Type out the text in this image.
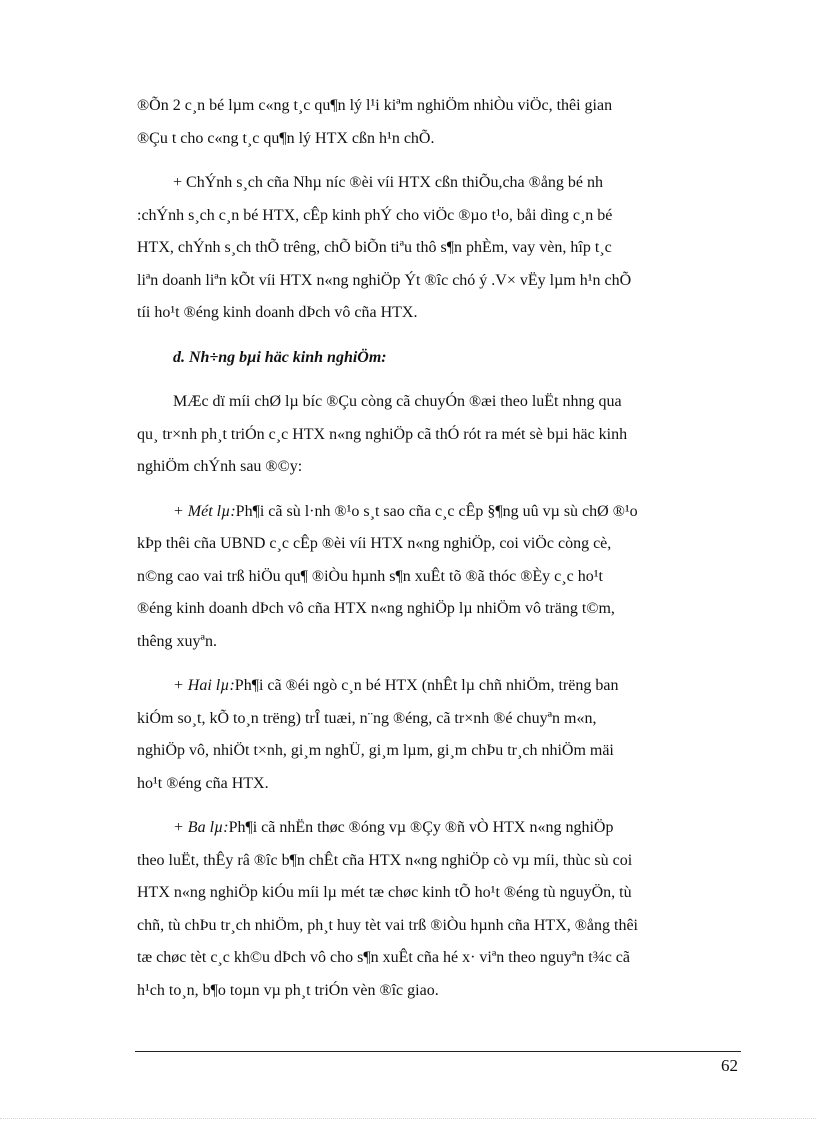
®Õn 2 c¸n bé lµm c«ng t¸c qu¶n lý l¹i kiªm nghiÖm nhiÒu viÖc, thêi gian
®Çu t cho c«ng t¸c qu¶n lý HTX cßn h¹n chÕ.

+ ChÝnh s¸ch cña Nhµ níc ®èi víi HTX cßn thiÕu,cha ®ång bé nh
:chÝnh s¸ch c¸n bé HTX, cÊp kinh phÝ cho viÖc ®µo t¹o, båi dìng c¸n bé
HTX, chÝnh s¸ch thÕ trêng, chÕ biÕn tiªu thô s¶n phÈm, vay vèn, hîp t¸c
liªn doanh liªn kÕt víi HTX n«ng nghiÖp Ýt ®îc chó ý .V× vËy lµm h¹n chÕ
tíi ho¹t ®éng kinh doanh dÞch vô cña HTX.

d. Nh÷ng bµi häc kinh nghiÖm:

MÆc dï míi chØ lµ bíc ®Çu còng cã chuyÓn ®æi theo luËt nhng qua
qu¸ tr×nh ph¸t triÓn c¸c HTX n«ng nghiÖp cã thÓ rót ra mét sè bµi häc kinh
nghiÖm chÝnh sau ®©y:

+ Mét lµ:Ph¶i cã sù l·nh ®¹o s¸t sao cña c¸c cÊp §¶ng uû vµ sù chØ ®¹o
kÞp thêi cña UBND c¸c cÊp ®èi víi HTX n«ng nghiÖp, coi viÖc còng cè,
n©ng cao vai trß hiÖu qu¶ ®iÒu hµnh s¶n xuÊt tõ ®ã thóc ®Èy c¸c ho¹t
®éng kinh doanh dÞch vô cña HTX n«ng nghiÖp lµ nhiÖm vô träng t©m,
thêng xuyªn.

+ Hai lµ:Ph¶i cã ®éi ngò c¸n bé HTX (nhÊt lµ chñ nhiÖm, trëng ban
kiÓm so¸t, kÕ to¸n trëng) trÎ tuæi, n¨ng ®éng, cã tr×nh ®é chuyªn m«n,
nghiÖp vô, nhiÖt t×nh, gi¸m nghÜ, gi¸m lµm, gi¸m chÞu tr¸ch nhiÖm mäi
ho¹t ®éng cña HTX.

+ Ba lµ:Ph¶i cã nhËn thøc ®óng vµ ®Çy ®ñ vÒ HTX n«ng nghiÖp
theo luËt, thÊy râ ®îc b¶n chÊt cña HTX n«ng nghiÖp cò vµ míi, thùc sù coi
HTX n«ng nghiÖp kiÓu míi lµ mét tæ chøc kinh tÕ ho¹t ®éng tù nguyÖn, tù
chñ, tù chÞu tr¸ch nhiÖm, ph¸t huy tèt vai trß ®iÒu hµnh cña HTX, ®ång thêi
tæ chøc tèt c¸c kh©u dÞch vô cho s¶n xuÊt cña hé x· viªn theo nguyªn t¾c cã
h¹ch to¸n, b¶o toµn vµ ph¸t triÓn vèn ®îc giao.

62
